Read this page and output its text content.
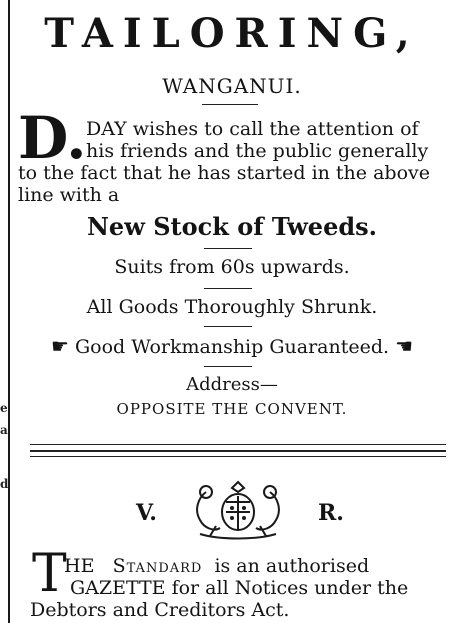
e
a
d
TAILORING,
WANGANUI.
D. DAY wishes to call the attention of
his friends and the public generally
to the fact that he has started in the above
line with a
New Stock of Tweeds.
Suits from 60s upwards.
All Goods Thoroughly Shrunk.
☛ Good Workmanship Guaranteed. ☚
Address—
OPPOSITE THE CONVENT.
V.	R.
T
HE Standard is an authorised
GAZETTE for all Notices under the
Debtors and Creditors Act.
